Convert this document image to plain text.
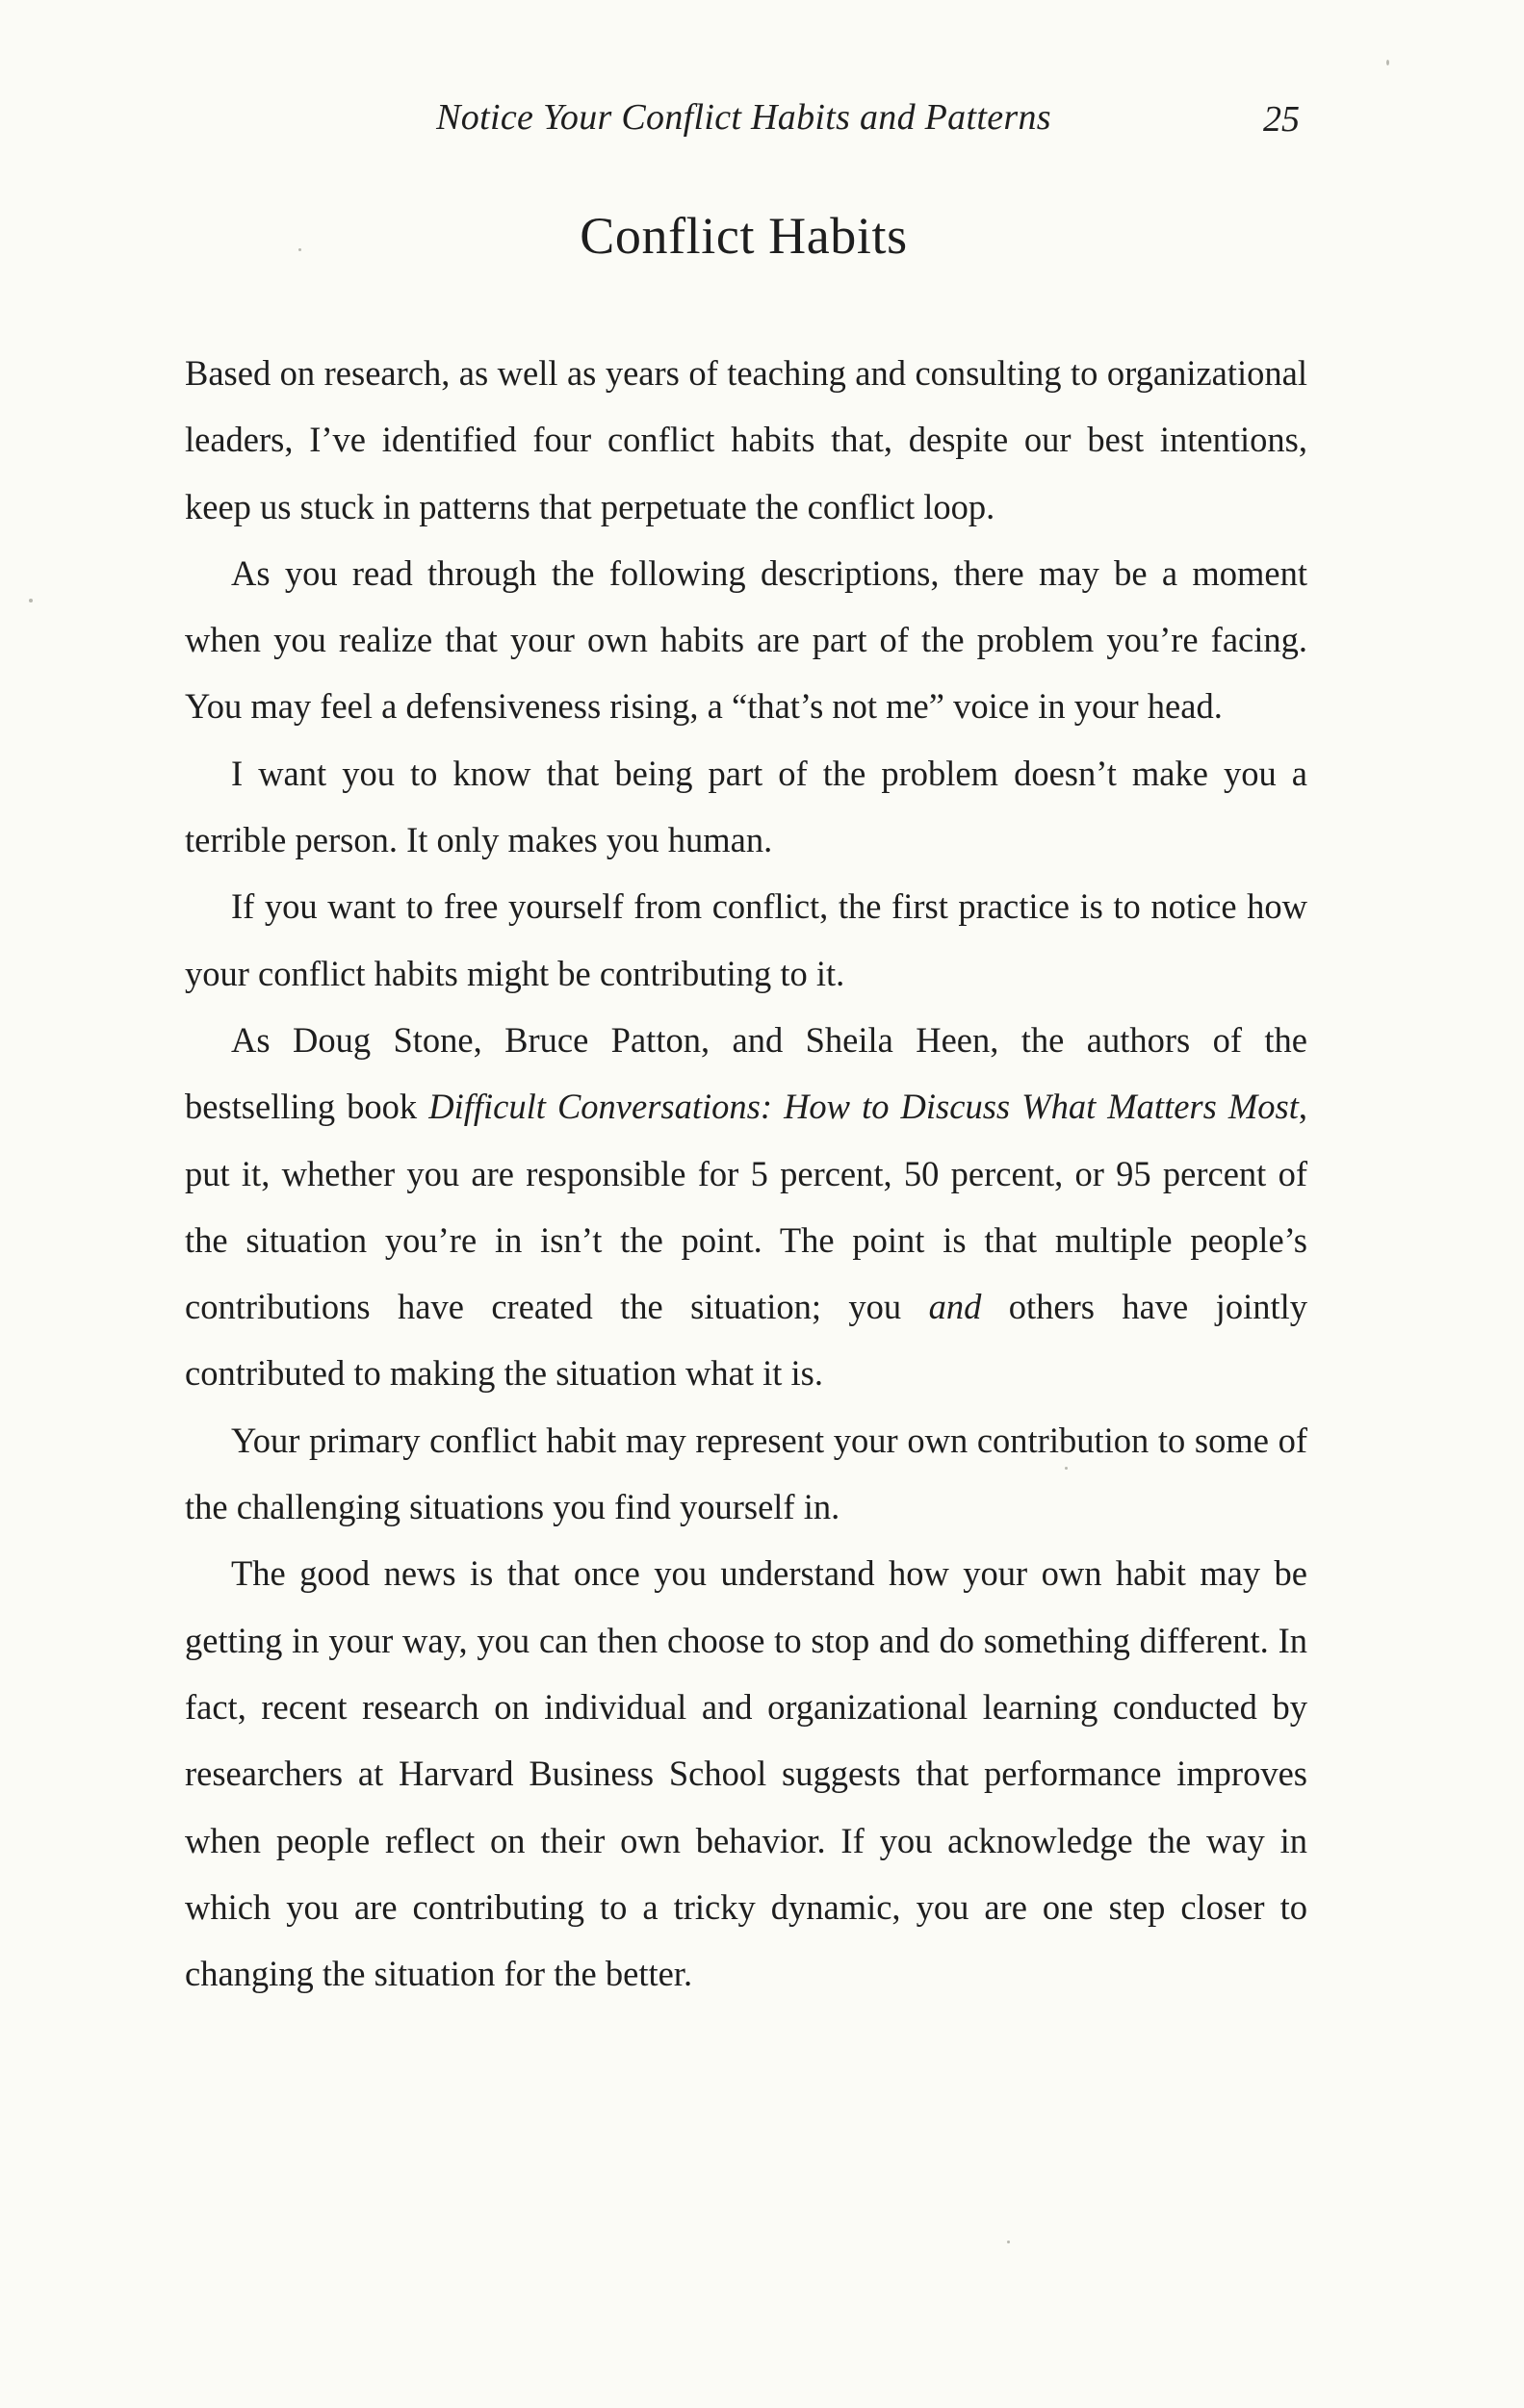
Notice Your Conflict Habits and Patterns	25
Conflict Habits

Based on research, as well as years of teaching and consulting to organizational leaders, I’ve identified four conflict habits that, despite our best intentions, keep us stuck in patterns that perpetuate the conflict loop.

As you read through the following descriptions, there may be a moment when you realize that your own habits are part of the problem you’re facing. You may feel a defensiveness rising, a “that’s not me” voice in your head.

I want you to know that being part of the problem doesn’t make you a terrible person. It only makes you human.

If you want to free yourself from conflict, the first practice is to notice how your conflict habits might be contributing to it.

As Doug Stone, Bruce Patton, and Sheila Heen, the authors of the bestselling book Difficult Conversations: How to Discuss What Matters Most, put it, whether you are responsible for 5 percent, 50 percent, or 95 percent of the situation you’re in isn’t the point. The point is that multiple people’s contributions have created the situation; you and others have jointly contributed to making the situation what it is.

Your primary conflict habit may represent your own contribution to some of the challenging situations you find yourself in.

The good news is that once you understand how your own habit may be getting in your way, you can then choose to stop and do something different. In fact, recent research on individual and organizational learning conducted by researchers at Harvard Business School suggests that performance improves when people reflect on their own behavior. If you acknowledge the way in which you are contributing to a tricky dynamic, you are one step closer to changing the situation for the better.
